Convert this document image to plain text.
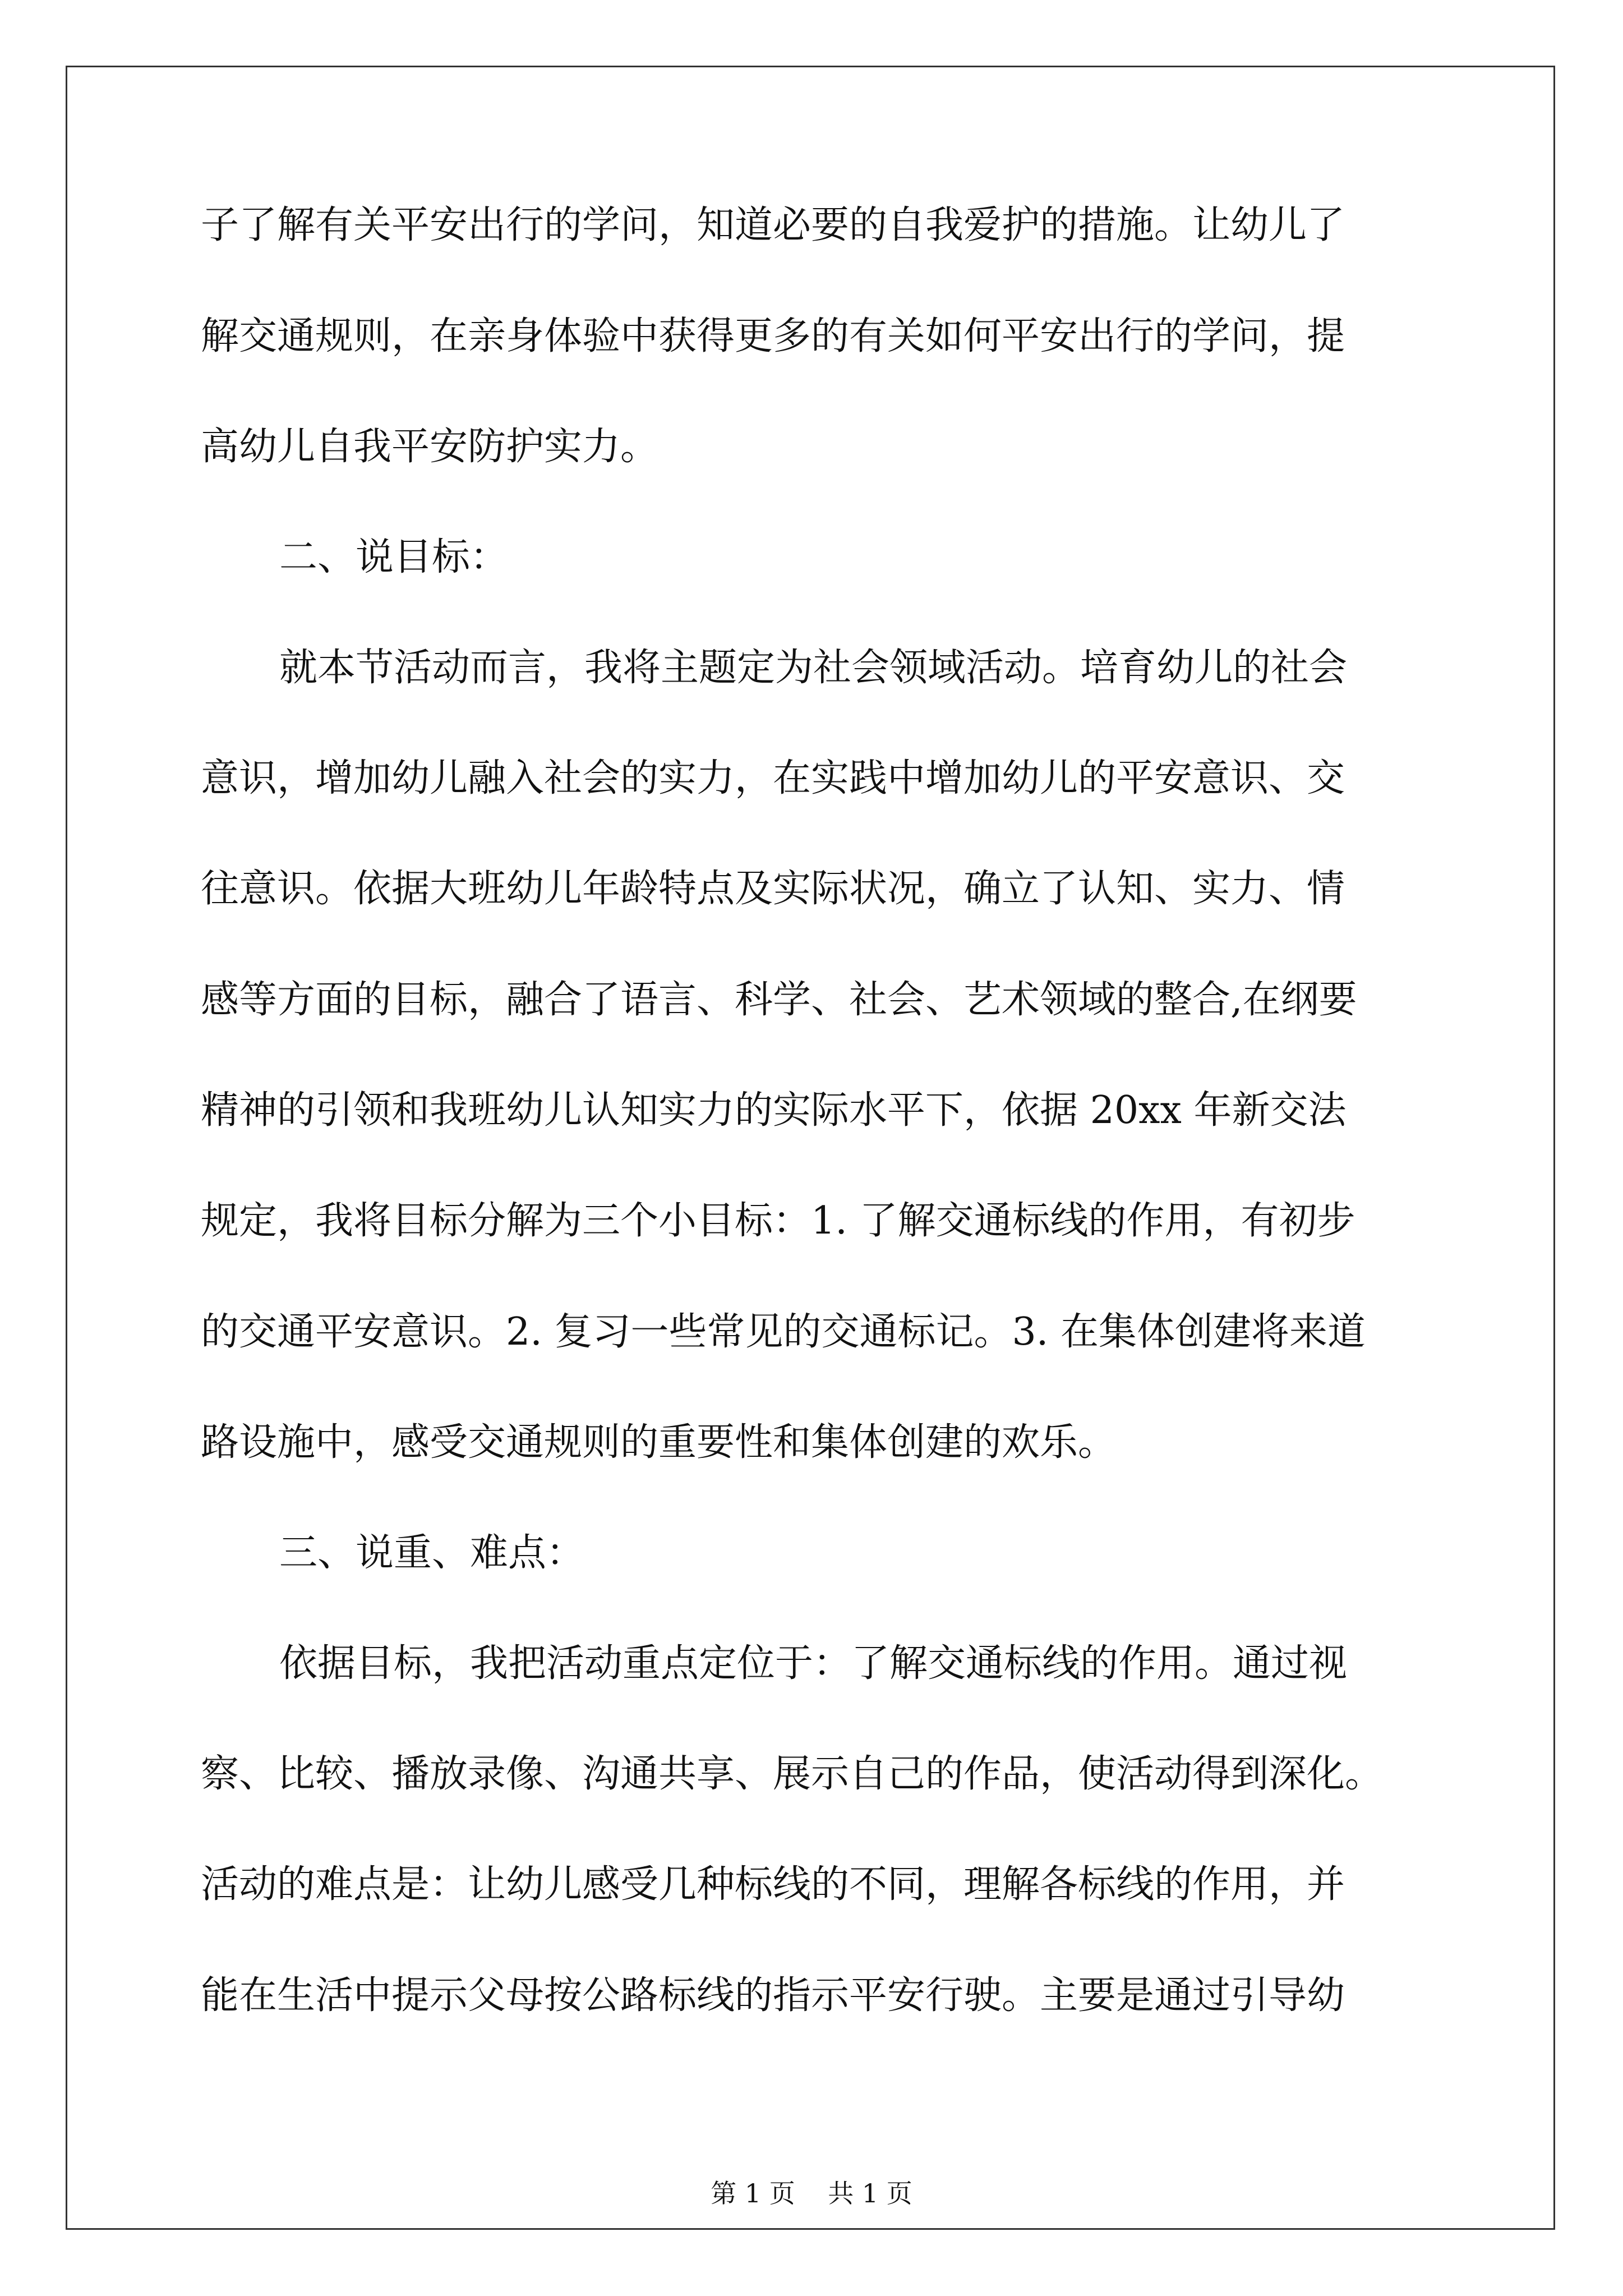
子了解有关平安出行的学问，知道必要的自我爱护的措施。让幼儿了
解交通规则，在亲身体验中获得更多的有关如何平安出行的学问，提
高幼儿自我平安防护实力。
二、说目标：
就本节活动而言，我将主题定为社会领域活动。培育幼儿的社会
意识，增加幼儿融入社会的实力，在实践中增加幼儿的平安意识、交
往意识。依据大班幼儿年龄特点及实际状况，确立了认知、实力、情
感等方面的目标，融合了语言、科学、社会、艺术领域的整合,在纲要
精神的引领和我班幼儿认知实力的实际水平下，依据 20xx 年新交法
规定，我将目标分解为三个小目标：1. 了解交通标线的作用，有初步
的交通平安意识。2. 复习一些常见的交通标记。3. 在集体创建将来道
路设施中，感受交通规则的重要性和集体创建的欢乐。
三、说重、难点：
依据目标，我把活动重点定位于：了解交通标线的作用。通过视
察、比较、播放录像、沟通共享、展示自己的作品，使活动得到深化。
活动的难点是：让幼儿感受几种标线的不同，理解各标线的作用，并
能在生活中提示父母按公路标线的指示平安行驶。主要是通过引导幼
第 1 页    共 1 页
